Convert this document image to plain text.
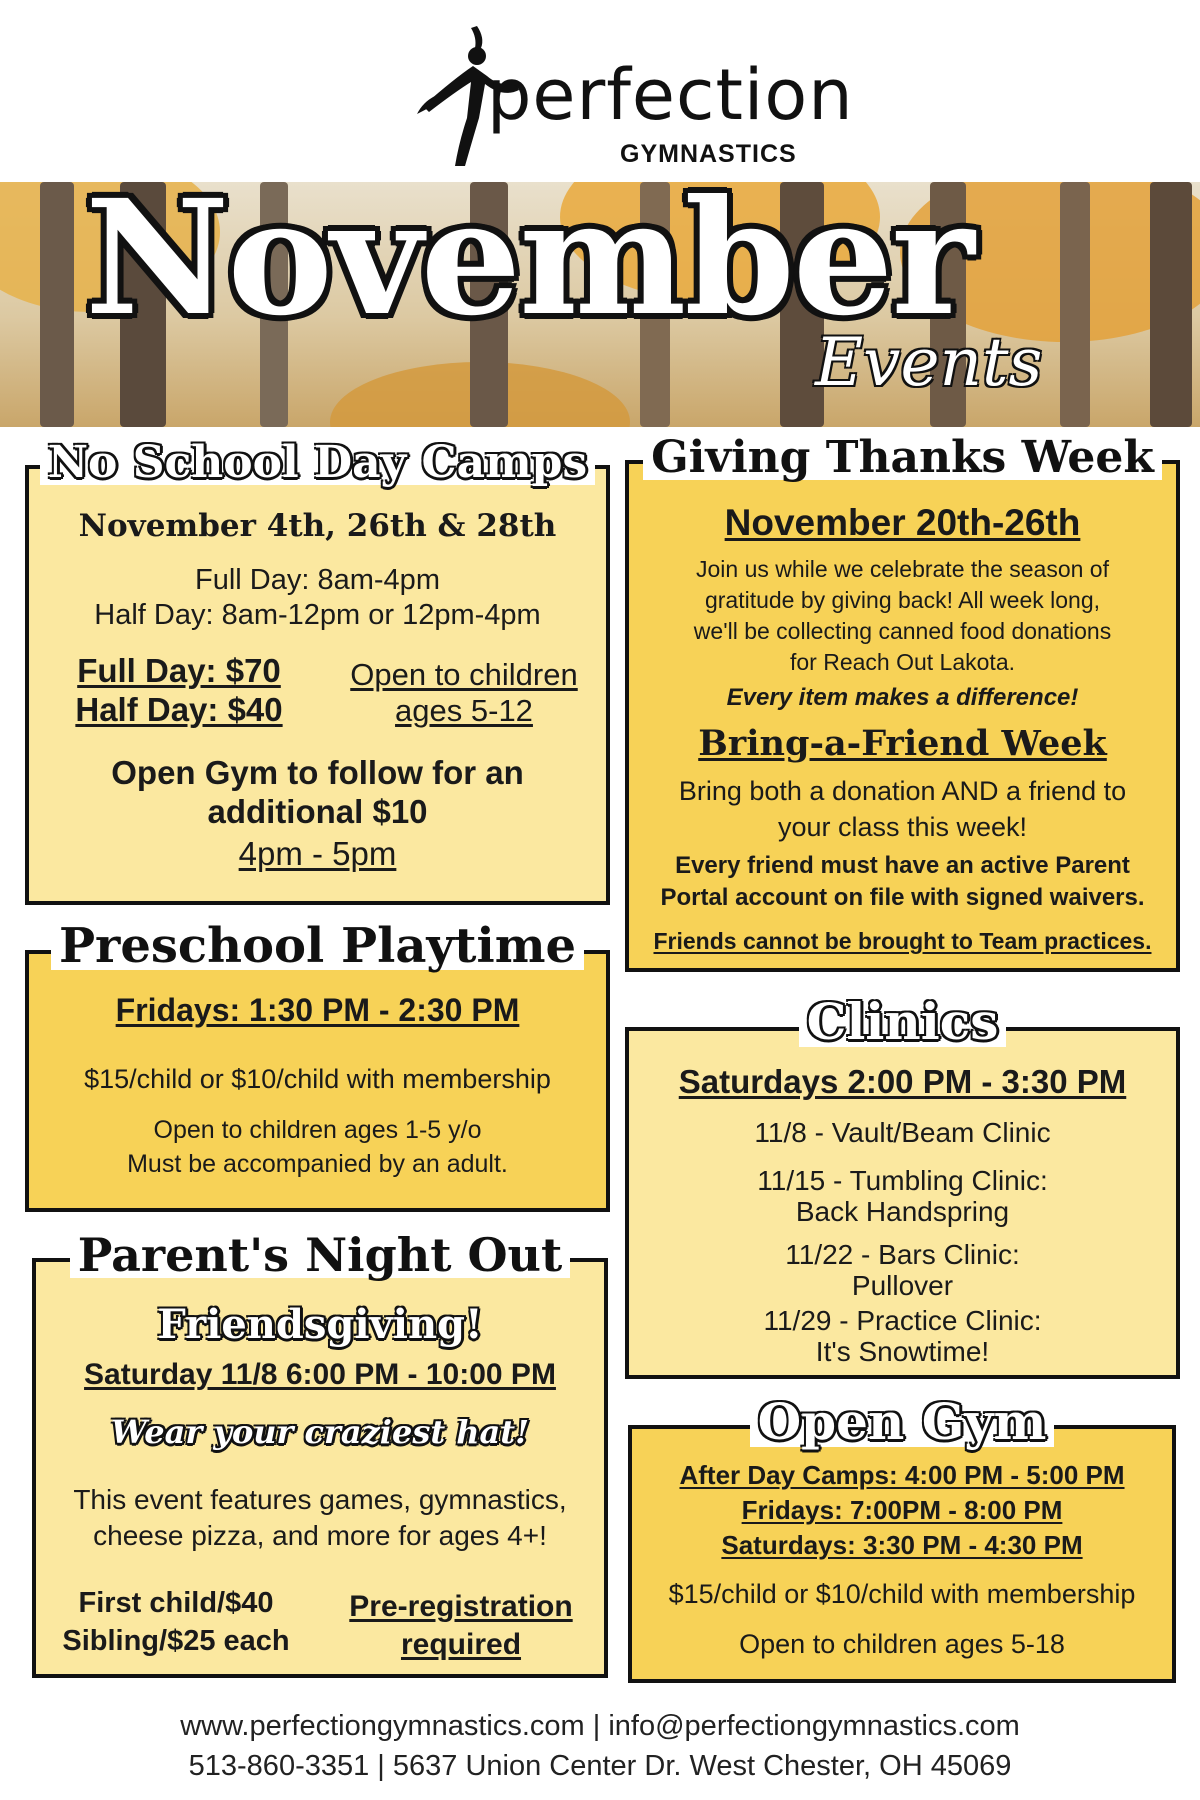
perfection
GYMNASTICS
November
Events
No School Day Camps
November 4th, 26th & 28th
Full Day: 8am-4pm
Half Day: 8am-12pm or 12pm-4pm
Full Day: $70
Half Day: $40
Open to children
ages 5-12
Open Gym to follow for an
additional $10
4pm - 5pm
Giving Thanks Week
November 20th-26th
Join us while we celebrate the season of
gratitude by giving back! All week long,
we'll be collecting canned food donations
for Reach Out Lakota.
Every item makes a difference!
Bring-a-Friend Week
Bring both a donation AND a friend to
your class this week!
Every friend must have an active Parent
Portal account on file with signed waivers.
Friends cannot be brought to Team practices.
Preschool Playtime
Fridays: 1:30 PM - 2:30 PM
$15/child or $10/child with membership
Open to children ages 1-5 y/o
Must be accompanied by an adult.
Clinics
Saturdays 2:00 PM - 3:30 PM
11/8 - Vault/Beam Clinic
11/15 - Tumbling Clinic:
Back Handspring
11/22 - Bars Clinic:
Pullover
11/29 - Practice Clinic:
It's Snowtime!
Parent's Night Out
Friendsgiving!
Saturday 11/8 6:00 PM - 10:00 PM
Wear your craziest hat!
This event features games, gymnastics,
cheese pizza, and more for ages 4+!
First child/$40
Sibling/$25 each
Pre-registration
required
Open Gym
After Day Camps: 4:00 PM - 5:00 PM
Fridays: 7:00PM - 8:00 PM
Saturdays: 3:30 PM - 4:30 PM
$15/child or $10/child with membership
Open to children ages 5-18
www.perfectiongymnastics.com | info@perfectiongymnastics.com
513-860-3351 | 5637 Union Center Dr. West Chester, OH 45069
